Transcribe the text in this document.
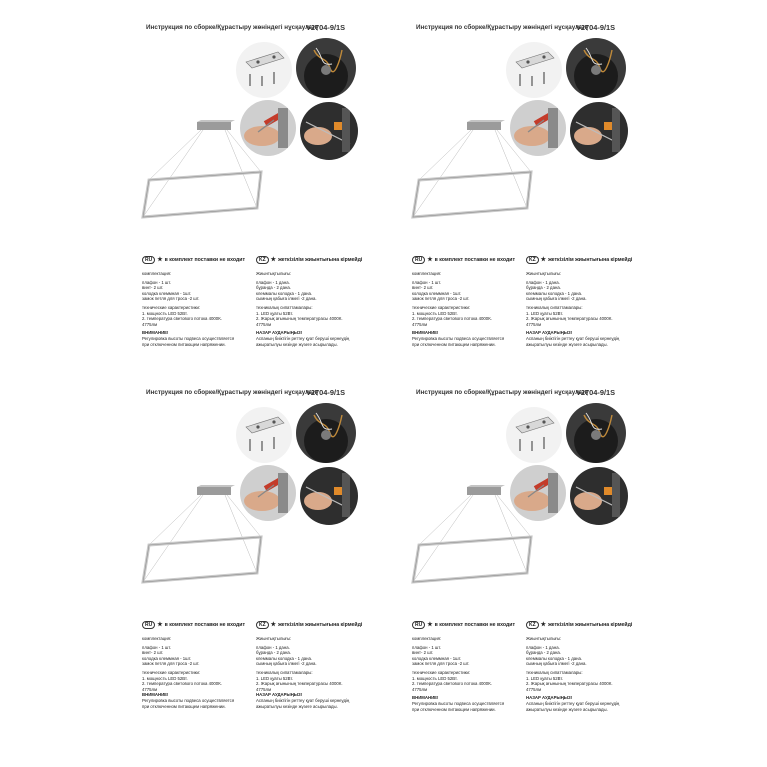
Инструкция по сборке/Құрастыру жөніндегі нұсқаулық
V2704-9/1S
RU ★ в комплект поставки не входит	KZ ★ жеткізілім жиынтығына кірмейді
комплектация:
плафон - 1 шт.
винт- 2 шт.
колодка клеммная - 1шт.
замок петля для троса -2 шт.
технические характеристики:
1. мощность LED 52Вт.
2. температура светового потока 4000К.
4775лм
ВНИМАНИЕ!
Регулировка высоты подвеса осуществляется
при отключенном питающем напряжении.
Жиынтықтылығы:
плафон - 1 дана.
бұранда - 2 дана.
клеммалы колодка - 1 дана.
сымның қабыға ілмегі -2 дана.
техникалық сипаттамалары:
1. LED қуаты 52Вт.
2. Жарық ағынының температурасы 4000К.
4775лм
НАЗАР АУДАРЫҢЫЗ!
Аспаның биіктігін реттеу қуат беруші кернеудің
ажыратылуы кезінде жүзеге асырылады.
Инструкция по сборке/Құрастыру жөніндегі нұсқаулық
V2704-9/1S
RU ★ в комплект поставки не входит	KZ ★ жеткізілім жиынтығына кірмейді
комплектация:
плафон - 1 шт.
винт- 2 шт.
колодка клеммная - 1шт.
замок петля для троса -2 шт.
технические характеристики:
1. мощность LED 52Вт.
2. температура светового потока 4000К.
4775лм
ВНИМАНИЕ!
Регулировка высоты подвеса осуществляется
при отключенном питающем напряжении.
Жиынтықтылығы:
плафон - 1 дана.
бұранда - 2 дана.
клеммалы колодка - 1 дана.
сымның қабыға ілмегі -2 дана.
техникалық сипаттамалары:
1. LED қуаты 52Вт.
2. Жарық ағынының температурасы 4000К.
4775лм
НАЗАР АУДАРЫҢЫЗ!
Аспаның биіктігін реттеу қуат беруші кернеудің
ажыратылуы кезінде жүзеге асырылады.
Инструкция по сборке/Құрастыру жөніндегі нұсқаулық
V2704-9/1S
RU ★ в комплект поставки не входит	KZ ★ жеткізілім жиынтығына кірмейді
комплектация:
плафон - 1 шт.
винт- 2 шт.
колодка клеммная - 1шт.
замок петля для троса -2 шт.
технические характеристики:
1. мощность LED 52Вт.
2. температура светового потока 4000К.
4775лм
ВНИМАНИЕ!
Регулировка высоты подвеса осуществляется
при отключенном питающем напряжении.
Жиынтықтылығы:
плафон - 1 дана.
бұранда - 2 дана.
клеммалы колодка - 1 дана.
сымның қабыға ілмегі -2 дана.
техникалық сипаттамалары:
1. LED қуаты 52Вт.
2. Жарық ағынының температурасы 4000К.
4775лм
НАЗАР АУДАРЫҢЫЗ!
Аспаның биіктігін реттеу қуат беруші кернеудің
ажыратылуы кезінде жүзеге асырылады.
Инструкция по сборке/Құрастыру жөніндегі нұсқаулық
V2704-9/1S
RU ★ в комплект поставки не входит	KZ ★ жеткізілім жиынтығына кірмейді
комплектация:
плафон - 1 шт.
винт- 2 шт.
колодка клеммная - 1шт.
замок петля для троса -2 шт.
технические характеристики:
1. мощность LED 52Вт.
2. температура светового потока 4000К.
4775лм
ВНИМАНИЕ!
Регулировка высоты подвеса осуществляется
при отключенном питающем напряжении.
Жиынтықтылығы:
плафон - 1 дана.
бұранда - 2 дана.
клеммалы колодка - 1 дана.
сымның қабыға ілмегі -2 дана.
техникалық сипаттамалары:
1. LED қуаты 52Вт.
2. Жарық ағынының температурасы 4000К.
4775лм
НАЗАР АУДАРЫҢЫЗ!
Аспаның биіктігін реттеу қуат беруші кернеудің
ажыратылуы кезінде жүзеге асырылады.
